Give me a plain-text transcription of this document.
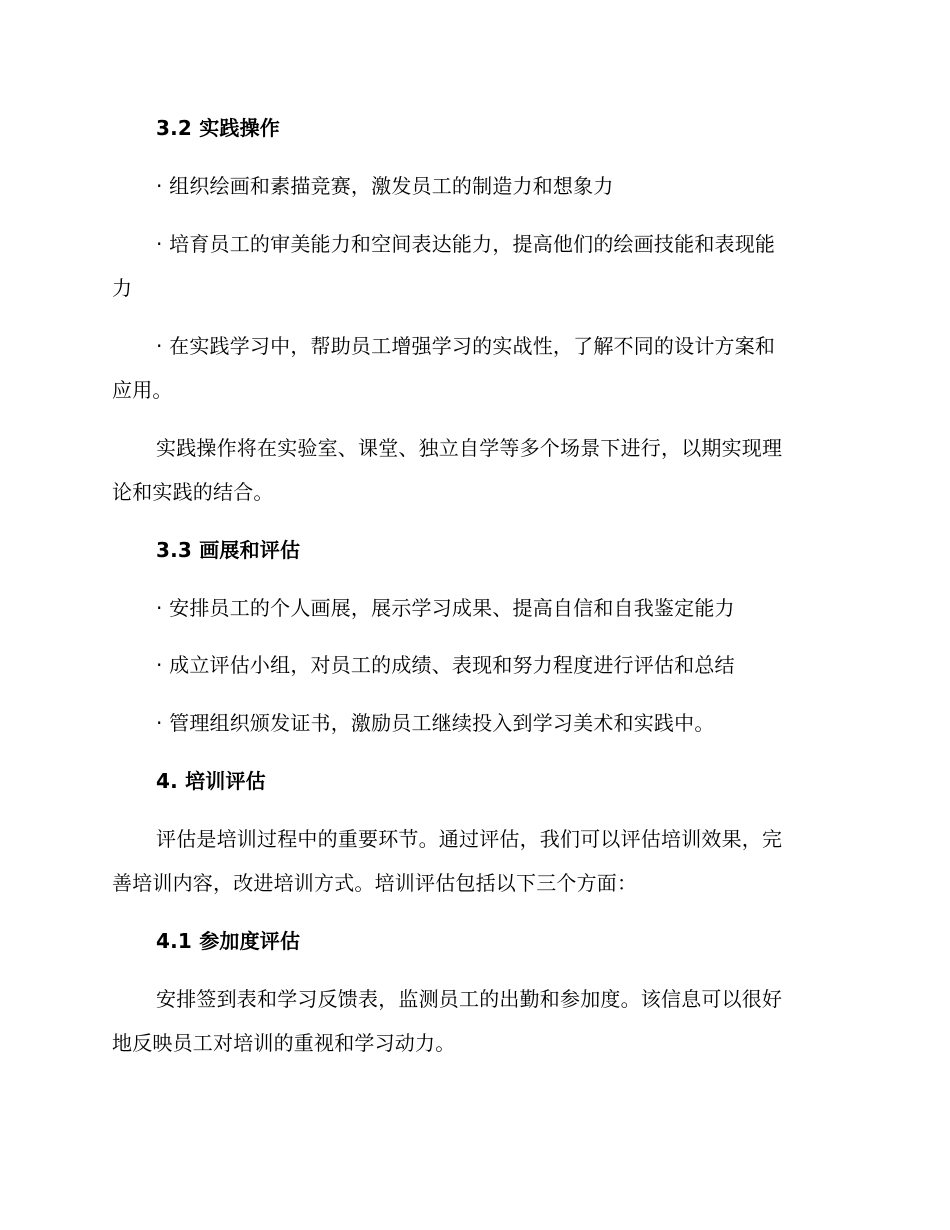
3.2 实践操作
· 组织绘画和素描竞赛，激发员工的制造力和想象力
· 培育员工的审美能力和空间表达能力，提高他们的绘画技能和表现能
力
· 在实践学习中，帮助员工增强学习的实战性，了解不同的设计方案和
应用。
实践操作将在实验室、课堂、独立自学等多个场景下进行，以期实现理
论和实践的结合。
3.3 画展和评估
· 安排员工的个人画展，展示学习成果、提高自信和自我鉴定能力
· 成立评估小组，对员工的成绩、表现和努力程度进行评估和总结
· 管理组织颁发证书，激励员工继续投入到学习美术和实践中。
4. 培训评估
评估是培训过程中的重要环节。通过评估，我们可以评估培训效果，完
善培训内容，改进培训方式。培训评估包括以下三个方面：
4.1 参加度评估
安排签到表和学习反馈表，监测员工的出勤和参加度。该信息可以很好
地反映员工对培训的重视和学习动力。
